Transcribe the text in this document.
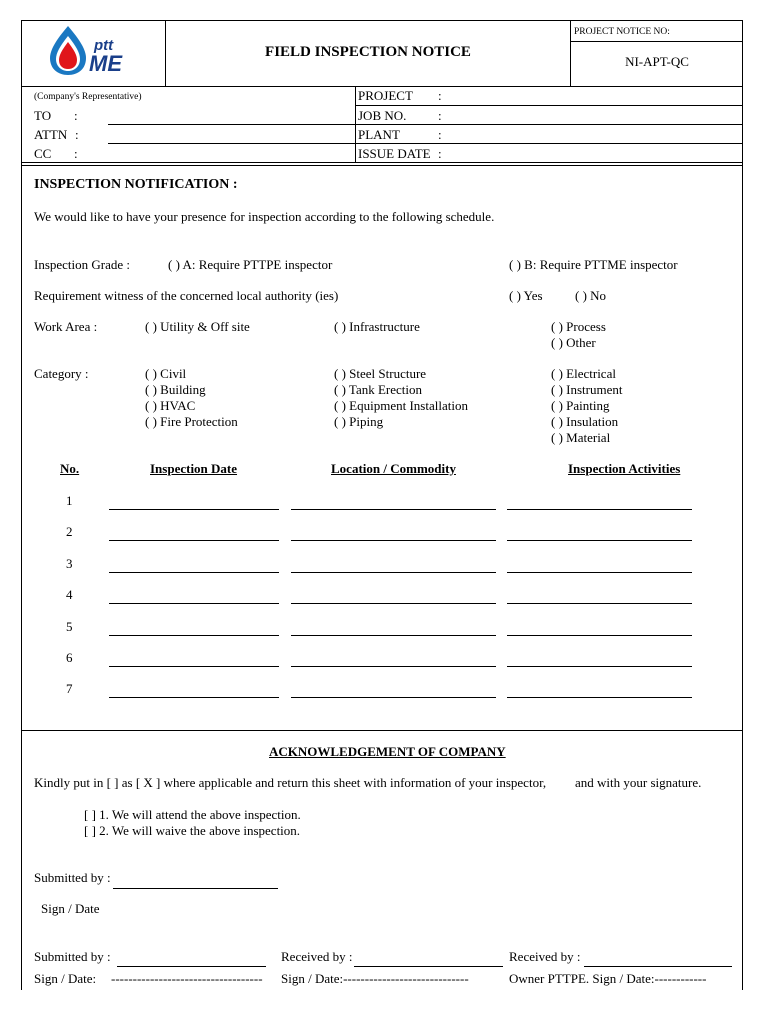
ptt
ME	FIELD INSPECTION NOTICE
PROJECT NOTICE NO:
NI-APT-QC
(Company's Representative)
TO :
ATTN :
CC :
PROJECT :
JOB NO. :
PLANT	:
ISSUE DATE :
INSPECTION NOTIFICATION :
We would like to have your presence for inspection according to the following schedule.
Inspection Grade :	( ) A: Require PTTPE inspector	( ) B: Require PTTME inspector
Requirement witness of the concerned local authority (ies)	( ) Yes ( ) No
Work Area :	( ) Utility & Off site	( ) Infrastructure	( ) Process
( ) Other
Category :	( ) Civil
( ) Building
( ) HVAC
( ) Fire Protection
( ) Steel Structure
( ) Tank Erection
( ) Equipment Installation
( ) Piping
( ) Electrical
( ) Instrument
( ) Painting
( ) Insulation
( ) Material
No.	Inspection Date	Location / Commodity	Inspection Activities
1
2
3
4
5
6
7
ACKNOWLEDGEMENT OF COMPANY
Kindly put in [ ] as [ X ] where applicable and return this sheet with information of your inspector, and with your signature.
[ ] 1. We will attend the above inspection.
[ ] 2. We will waive the above inspection.
Submitted by :
Sign / Date
Submitted by :	Received by :	Received by :
Sign / Date: ----------------------------------- Sign / Date:-----------------------------	Owner PTTPE. Sign / Date:------------
